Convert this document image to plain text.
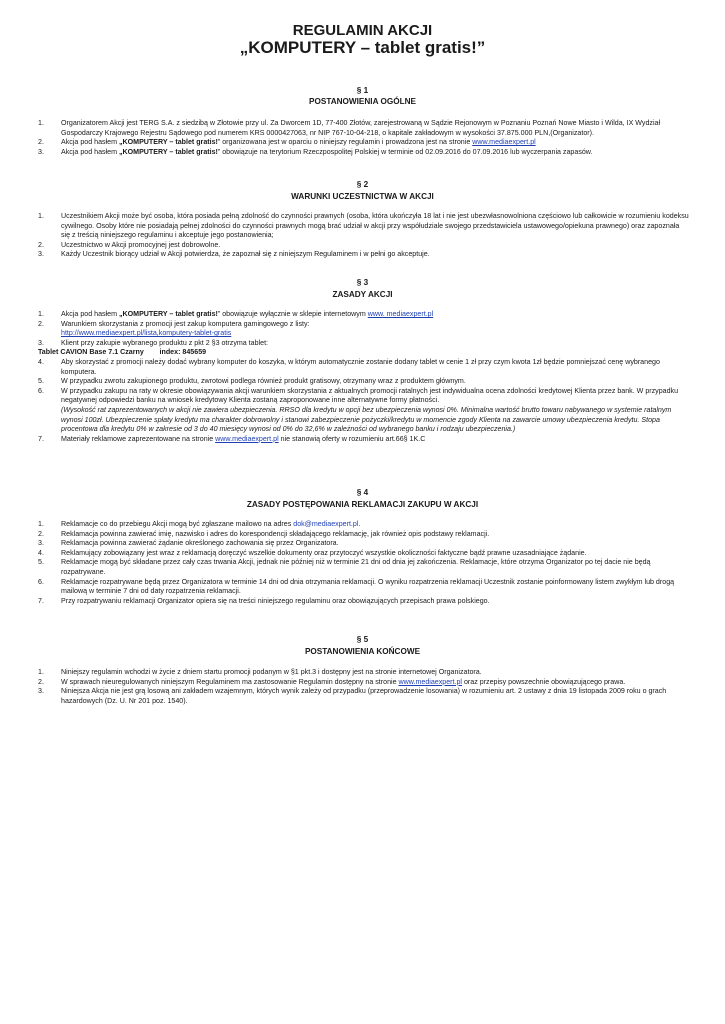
REGULAMIN AKCJI
„KOMPUTERY – tablet gratis!”
§ 1
POSTANOWIENIA OGÓLNE
1. Organizatorem Akcji jest TERG S.A. z siedzibą w Złotowie przy ul. Za Dworcem 1D, 77-400 Złotów, zarejestrowaną w Sądzie Rejonowym w Poznaniu Poznań Nowe Miasto i Wilda, IX Wydział Gospodarczy Krajowego Rejestru Sądowego pod numerem KRS 0000427063, nr NIP 767-10-04-218, o kapitale zakładowym w wysokości 37.875.000 PLN,(Organizator).
2. Akcja pod hasłem „KOMPUTERY – tablet gratis!” organizowana jest w oparciu o niniejszy regulamin i prowadzona jest na stronie www.mediaexpert.pl
3. Akcja pod hasłem „KOMPUTERY – tablet gratis!” obowiązuje na terytorium Rzeczpospolitej Polskiej w terminie od 02.09.2016 do 07.09.2016 lub wyczerpania zapasów.
§ 2
WARUNKI UCZESTNICTWA W AKCJI
1. Uczestnikiem Akcji może być osoba, która posiada pełną zdolność do czynności prawnych (osoba, która ukończyła 18 lat i nie jest ubezwłasnowolniona częściowo lub całkowicie w rozumieniu kodeksu cywilnego. Osoby które nie posiadają pełnej zdolności do czynności prawnych mogą brać udział w akcji przy współudziale swojego przedstawiciela ustawowego/opiekuna prawnego) oraz zapoznała się z treścią niniejszego regulaminu i akceptuje jego postanowienia;
2. Uczestnictwo w Akcji promocyjnej jest dobrowolne.
3. Każdy Uczestnik biorący udział w Akcji potwierdza, że zapoznał się z niniejszym Regulaminem i w pełni go akceptuje.
§ 3
ZASADY AKCJI
1. Akcja pod hasłem „KOMPUTERY – tablet gratis!” obowiązuje wyłącznie w sklepie internetowym www. mediaexpert.pl
2. Warunkiem skorzystania z promocji jest zakup komputera gamingowego z listy:
http://www.mediaexpert.pl/lista,komputery-tablet-gratis
3. Klient przy zakupie wybranego produktu z pkt 2 §3 otrzyma tablet:
Tablet CAVION Base 7.1 Czarny        index: 845659
4. Aby skorzystać z promocji należy dodać wybrany komputer do koszyka, w którym automatycznie zostanie dodany tablet w cenie 1 zł przy czym kwota 1zł będzie pomniejszać cenę wybranego komputera.
5. W przypadku zwrotu zakupionego produktu, zwrotowi podlega również produkt gratisowy, otrzymany wraz z produktem głównym.
6. W przypadku zakupu na raty w okresie obowiązywania akcji warunkiem skorzystania z aktualnych promocji ratalnych jest indywidualna ocena zdolności kredytowej Klienta przez bank. W przypadku negatywnej odpowiedzi banku na wniosek kredytowy Klienta zostaną zaproponowane inne alternatywne formy płatności.
(Wysokość rat zaprezentowanych w akcji nie zawiera ubezpieczenia. RRSO dla kredytu w opcji bez ubezpieczenia wynosi 0%. Minimalna wartość brutto towaru nabywanego w systemie ratalnym wynosi 100zł. Ubezpieczenie spłaty kredytu ma charakter dobrowolny i stanowi zabezpieczenie pożyczki/kredytu w momencie zgody Klienta na zawarcie umowy ubezpieczenia kredytu. Stopa procentowa dla kredytu 0% w zakresie od 3 do 40 miesięcy wynosi od 0% do 32,6% w zależności od wybranego banku i rodzaju ubezpieczenia.)
7. Materiały reklamowe zaprezentowane na stronie www.mediaexpert.pl nie stanowią oferty w rozumieniu art.66§ 1K.C
§ 4
ZASADY POSTĘPOWANIA REKLAMACJI ZAKUPU W AKCJI
1. Reklamacje co do przebiegu Akcji mogą być zgłaszane mailowo na adres dok@mediaexpert.pl.
2. Reklamacja powinna zawierać imię, nazwisko i adres do korespondencji składającego reklamację, jak również opis podstawy reklamacji.
3. Reklamacja powinna zawierać żądanie określonego zachowania się przez Organizatora.
4. Reklamujący zobowiązany jest wraz z reklamacją doręczyć wszelkie dokumenty oraz przytoczyć wszystkie okoliczności faktyczne bądź prawne uzasadniające żądanie.
5. Reklamacje mogą być składane przez cały czas trwania Akcji, jednak nie później niż w terminie 21 dni od dnia jej zakończenia. Reklamacje, które otrzyma Organizator po tej dacie nie będą rozpatrywane.
6. Reklamacje rozpatrywane będą przez Organizatora w terminie 14 dni od dnia otrzymania reklamacji. O wyniku rozpatrzenia reklamacji Uczestnik zostanie poinformowany listem zwykłym lub drogą mailową w terminie 7 dni od daty rozpatrzenia reklamacji.
7. Przy rozpatrywaniu reklamacji Organizator opiera się na treści niniejszego regulaminu oraz obowiązujących przepisach prawa polskiego.
§ 5
POSTANOWIENIA KOŃCOWE
1. Niniejszy regulamin wchodzi w życie z dniem startu promocji podanym w §1 pkt.3 i dostępny jest na stronie internetowej Organizatora.
2. W sprawach nieuregulowanych niniejszym Regulaminem ma zastosowanie Regulamin dostępny na stronie www.mediaexpert.pl oraz przepisy powszechnie obowiązującego prawa.
3. Niniejsza Akcja nie jest grą losową ani zakładem wzajemnym, których wynik zależy od przypadku (przeprowadzenie losowania) w rozumieniu art. 2 ustawy z dnia 19 listopada 2009 roku o grach hazardowych (Dz. U. Nr 201 poz. 1540).
